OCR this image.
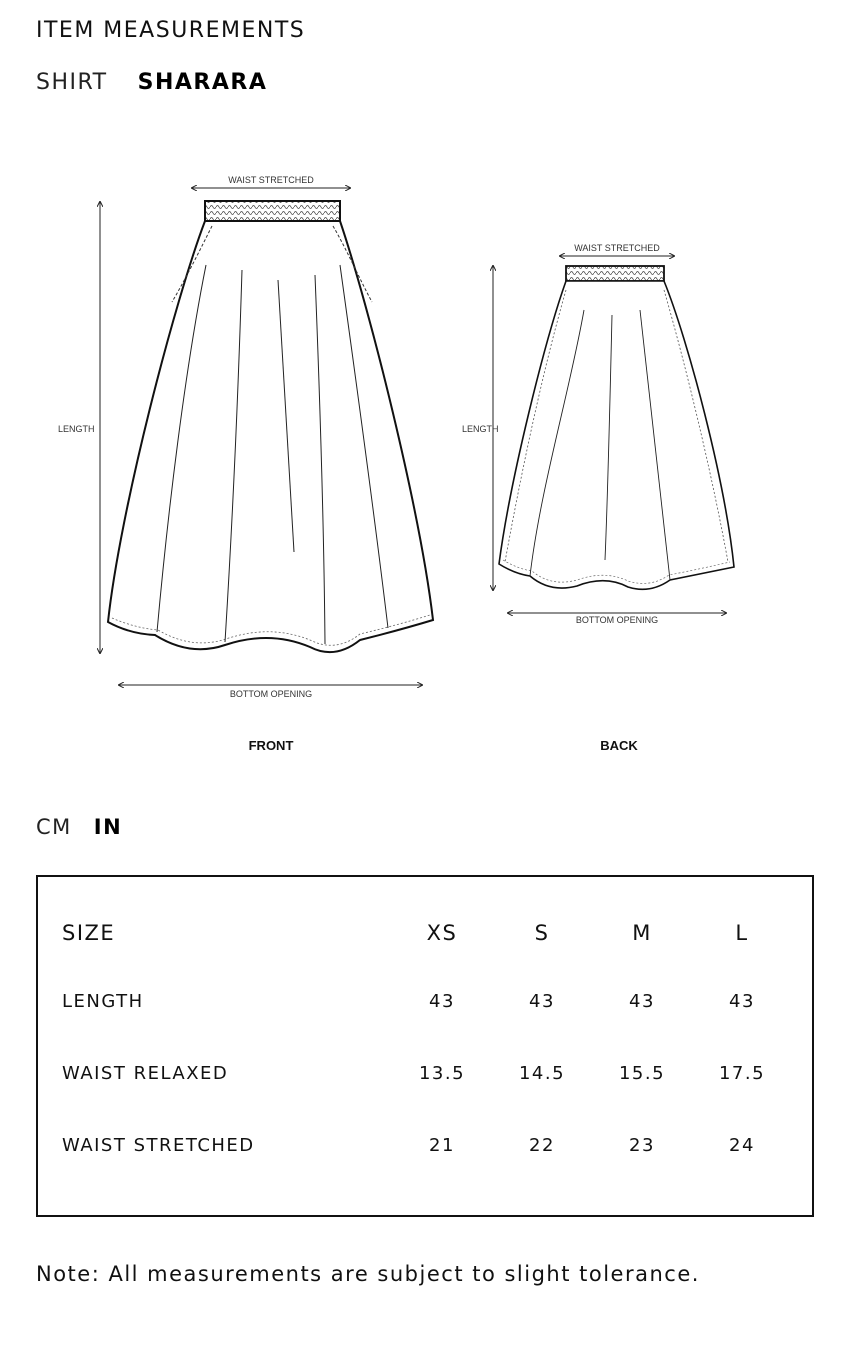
ITEM MEASUREMENTS
SHIRT SHARARA
WAIST STRETCHED
LENGTH
BOTTOM OPENING
FRONT
WAIST STRETCHED
LENGTH
BOTTOM OPENING
BACK
CM IN
SIZE	XS	S	M	L
LENGTH	43	43	43	43
WAIST RELAXED	13.5	14.5	15.5	17.5
WAIST STRETCHED	21	22	23	24

Note: All measurements are subject to slight tolerance.
